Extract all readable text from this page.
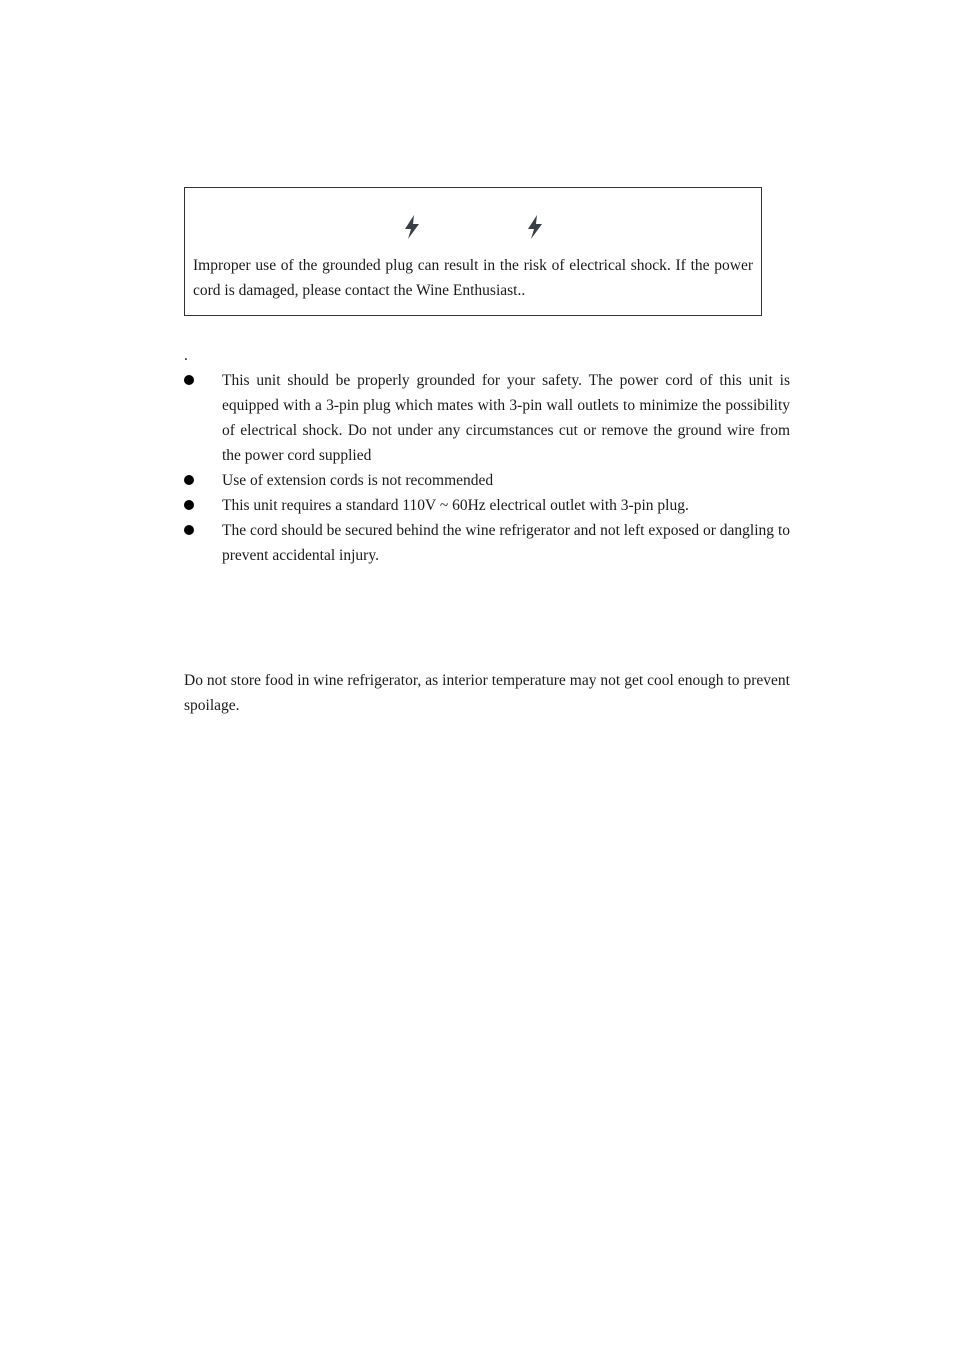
Improper use of the grounded plug can result in the risk of electrical shock. If the power cord is damaged, please contact the Wine Enthusiast..

.

This unit should be properly grounded for your safety. The power cord of this unit is equipped with a 3-pin plug which mates with 3-pin wall outlets to minimize the possibility of electrical shock. Do not under any circumstances cut or remove the ground wire from the power cord supplied
Use of extension cords is not recommended
This unit requires a standard 110V ~ 60Hz electrical outlet with 3-pin plug.
The cord should be secured behind the wine refrigerator and not left exposed or dangling to prevent accidental injury.

Do not store food in wine refrigerator, as interior temperature may not get cool enough to prevent spoilage.
